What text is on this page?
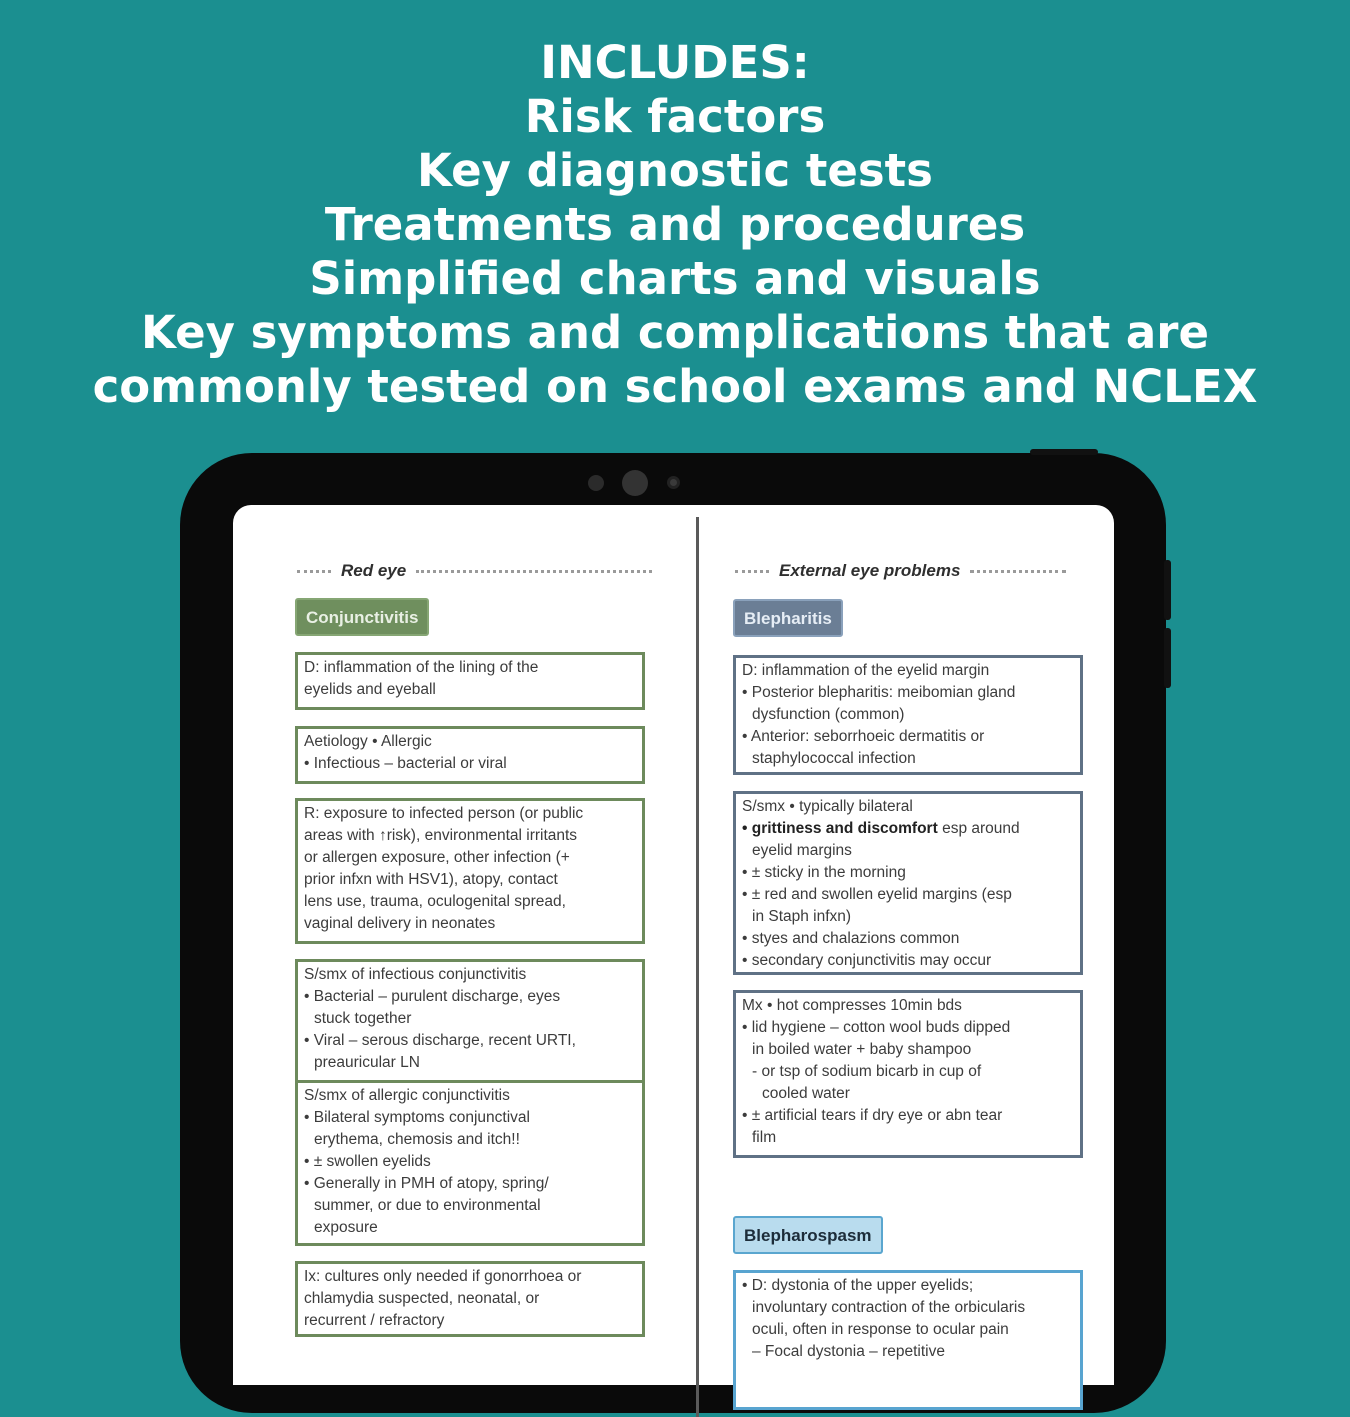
INCLUDES:
Risk factors
Key diagnostic tests
Treatments and procedures
Simplified charts and visuals
Key symptoms and complications that are
commonly tested on school exams and NCLEX
Red eye
Conjunctivitis
D: inflammation of the lining of the
eyelids and eyeball
Aetiology • Allergic
• Infectious – bacterial or viral
R: exposure to infected person (or public
areas with ↑risk), environmental irritants
or allergen exposure, other infection (+
prior infxn with HSV1), atopy, contact
lens use, trauma, oculogenital spread,
vaginal delivery in neonates
S/smx of infectious conjunctivitis
• Bacterial – purulent discharge, eyes
stuck together
• Viral – serous discharge, recent URTI,
preauricular LN
S/smx of allergic conjunctivitis
• Bilateral symptoms conjunctival
erythema, chemosis and itch!!
• ± swollen eyelids
• Generally in PMH of atopy, spring/
summer, or due to environmental
exposure
Ix: cultures only needed if gonorrhoea or
chlamydia suspected, neonatal, or
recurrent / refractory
External eye problems
Blepharitis
D: inflammation of the eyelid margin
• Posterior blepharitis: meibomian gland
dysfunction (common)
• Anterior: seborrhoeic dermatitis or
staphylococcal infection
S/smx • typically bilateral
• grittiness and discomfort esp around
eyelid margins
• ± sticky in the morning
• ± red and swollen eyelid margins (esp
in Staph infxn)
• styes and chalazions common
• secondary conjunctivitis may occur
Mx • hot compresses 10min bds
• lid hygiene – cotton wool buds dipped
in boiled water + baby shampoo
- or tsp of sodium bicarb in cup of
cooled water
• ± artificial tears if dry eye or abn tear
film
Blepharospasm
• D: dystonia of the upper eyelids;
involuntary contraction of the orbicularis
oculi, often in response to ocular pain
– Focal dystonia – repetitive
